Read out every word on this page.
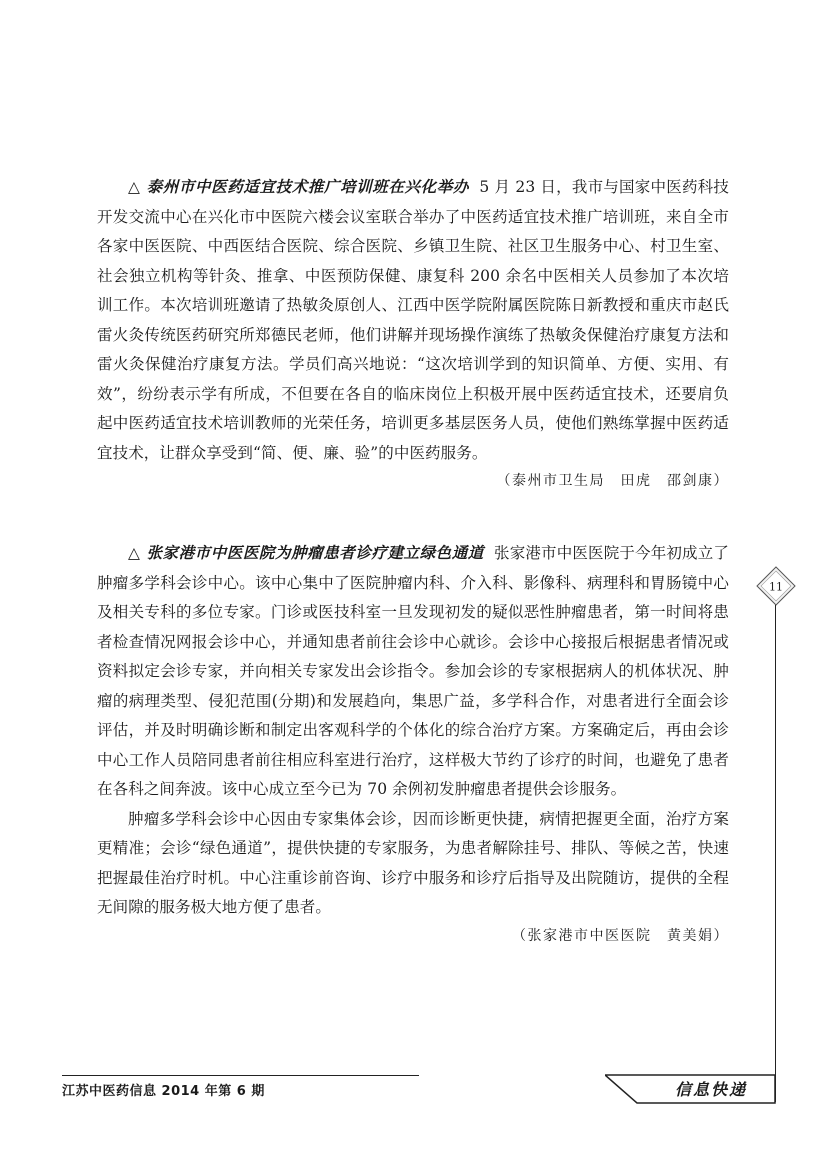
△ 泰州市中医药适宜技术推广培训班在兴化举办 5 月 23 日，我市与国家中医药科技开发交流中心在兴化市中医院六楼会议室联合举办了中医药适宜技术推广培训班，来自全市各家中医医院、中西医结合医院、综合医院、乡镇卫生院、社区卫生服务中心、村卫生室、社会独立机构等针灸、推拿、中医预防保健、康复科 200 余名中医相关人员参加了本次培训工作。本次培训班邀请了热敏灸原创人、江西中医学院附属医院陈日新教授和重庆市赵氏雷火灸传统医药研究所郑德民老师，他们讲解并现场操作演练了热敏灸保健治疗康复方法和雷火灸保健治疗康复方法。学员们高兴地说：“这次培训学到的知识简单、方便、实用、有效”，纷纷表示学有所成，不但要在各自的临床岗位上积极开展中医药适宜技术，还要肩负起中医药适宜技术培训教师的光荣任务，培训更多基层医务人员，使他们熟练掌握中医药适宜技术，让群众享受到“简、便、廉、验”的中医药服务。

（泰州市卫生局　田虎　邵剑康）

△ 张家港市中医医院为肿瘤患者诊疗建立绿色通道 张家港市中医医院于今年初成立了肿瘤多学科会诊中心。该中心集中了医院肿瘤内科、介入科、影像科、病理科和胃肠镜中心及相关专科的多位专家。门诊或医技科室一旦发现初发的疑似恶性肿瘤患者，第一时间将患者检查情况网报会诊中心，并通知患者前往会诊中心就诊。会诊中心接报后根据患者情况或资料拟定会诊专家，并向相关专家发出会诊指令。参加会诊的专家根据病人的机体状况、肿瘤的病理类型、侵犯范围(分期)和发展趋向，集思广益，多学科合作，对患者进行全面会诊评估，并及时明确诊断和制定出客观科学的个体化的综合治疗方案。方案确定后，再由会诊中心工作人员陪同患者前往相应科室进行治疗，这样极大节约了诊疗的时间，也避免了患者在各科之间奔波。该中心成立至今已为 70 余例初发肿瘤患者提供会诊服务。

肿瘤多学科会诊中心因由专家集体会诊，因而诊断更快捷，病情把握更全面，治疗方案更精准；会诊“绿色通道”，提供快捷的专家服务，为患者解除挂号、排队、等候之苦，快速把握最佳治疗时机。中心注重诊前咨询、诊疗中服务和诊疗后指导及出院随访，提供的全程无间隙的服务极大地方便了患者。

（张家港市中医医院　黄美娟）
11
江苏中医药信息 2014 年第 6 期	信息快递
